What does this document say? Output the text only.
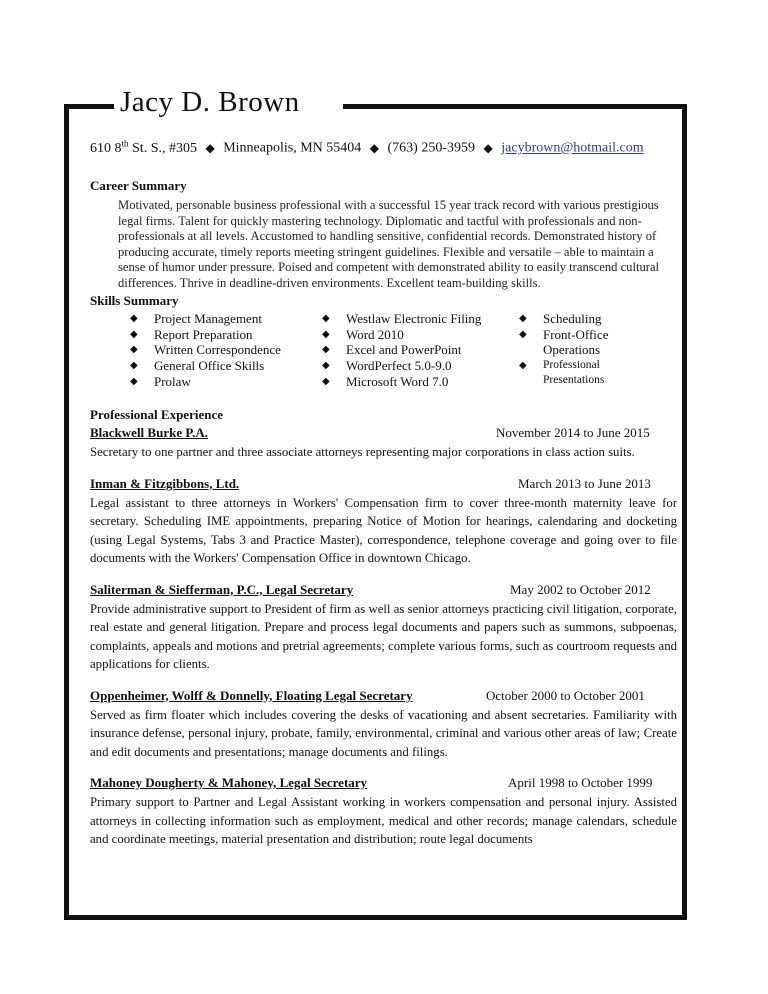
Jacy D. Brown
610 8th St. S., #305 ◆ Minneapolis, MN 55404 ◆ (763) 250-3959 ◆ jacybrown@hotmail.com
Career Summary

Motivated, personable business professional with a successful 15 year track record with various prestigious legal firms. Talent for quickly mastering technology. Diplomatic and tactful with professionals and non-professionals at all levels. Accustomed to handling sensitive, confidential records. Demonstrated history of producing accurate, timely reports meeting stringent guidelines. Flexible and versatile – able to maintain a sense of humor under pressure. Poised and competent with demonstrated ability to easily transcend cultural differences. Thrive in deadline-driven environments. Excellent team-building skills.

Skills Summary
◆ Project Management
◆ Report Preparation
◆ Written Correspondence
◆ General Office Skills
◆ Prolaw
◆ Westlaw Electronic Filing
◆ Word 2010
◆ Excel and PowerPoint
◆ WordPerfect 5.0-9.0
◆ Microsoft Word 7.0
◆ Scheduling
◆ Front-Office
Operations
◆ Professional
Presentations
Professional Experience
Blackwell Burke P.A.	November 2014 to June 2015

Secretary to one partner and three associate attorneys representing major corporations in class action suits.

Inman & Fitzgibbons, Ltd.	March 2013 to June 2013

Legal assistant to three attorneys in Workers' Compensation firm to cover three-month maternity leave for secretary. Scheduling IME appointments, preparing Notice of Motion for hearings, calendaring and docketing (using Legal Systems, Tabs 3 and Practice Master), correspondence, telephone coverage and going over to file documents with the Workers' Compensation Office in downtown Chicago.

Saliterman & Siefferman, P.C., Legal Secretary	May 2002 to October 2012

Provide administrative support to President of firm as well as senior attorneys practicing civil litigation, corporate, real estate and general litigation. Prepare and process legal documents and papers such as summons, subpoenas, complaints, appeals and motions and pretrial agreements; complete various forms, such as courtroom requests and applications for clients.

Oppenheimer, Wolff & Donnelly, Floating Legal Secretary	October 2000 to October 2001

Served as firm floater which includes covering the desks of vacationing and absent secretaries. Familiarity with insurance defense, personal injury, probate, family, environmental, criminal and various other areas of law; Create and edit documents and presentations; manage documents and filings.

Mahoney Dougherty & Mahoney, Legal Secretary	April 1998 to October 1999

Primary support to Partner and Legal Assistant working in workers compensation and personal injury. Assisted attorneys in collecting information such as employment, medical and other records; manage calendars, schedule and coordinate meetings, material presentation and distribution; route legal documents
